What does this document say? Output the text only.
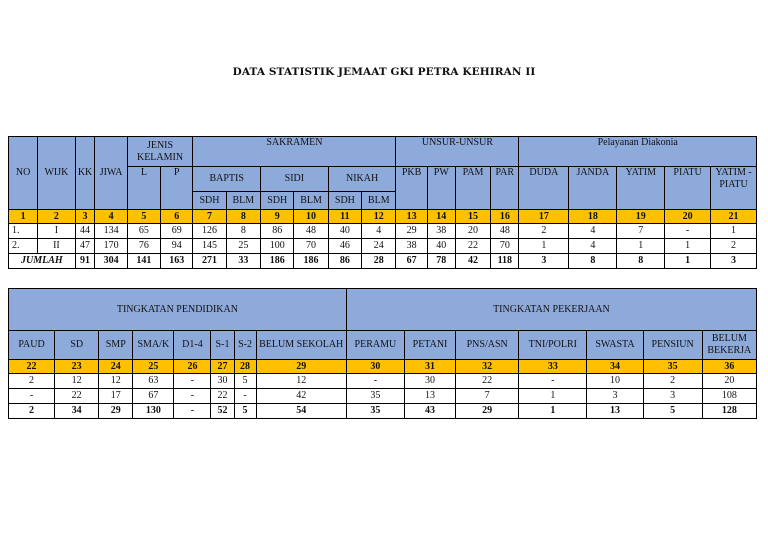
DATA STATISTIK JEMAAT GKI PETRA KEHIRAN II
NO	WIJK	KK	JIWA	JENIS KELAMIN		SAKRAMEN						UNSUR-UNSUR				Pelayanan Diakonia				
				L	P	BAPTIS		SIDI		NIKAH		PKB	PW	PAM	PAR	DUDA	JANDA	YATIM	PIATU	YATIM - PIATU
						SDH	BLM	SDH	BLM	SDH	BLM									
1	2	3	4	5	6	7	8	9	10	11	12	13	14	15	16	17	18	19	20	21
1.	I	44	134	65	69	126	8	86	48	40	4	29	38	20	48	2	4	7	-	1
2.	II	47	170	76	94	145	25	100	70	46	24	38	40	22	70	1	4	1	1	2
JUMLAH		91	304	141	163	271	33	186	186	86	28	67	78	42	118	3	8	8	1	3
TINGKATAN PENDIDIKAN								TINGKATAN PEKERJAAN						
PAUD	SD	SMP	SMA/K	D1-4	S-1	S-2	BELUM SEKOLAH	PERAMU	PETANI	PNS/ASN	TNI/POLRI	SWASTA	PENSIUN	BELUM BEKERJA
22	23	24	25	26	27	28	29	30	31	32	33	34	35	36
2	12	12	63	-	30	5	12	-	30	22	-	10	2	20
-	22	17	67	-	22	-	42	35	13	7	1	3	3	108
2	34	29	130	-	52	5	54	35	43	29	1	13	5	128
